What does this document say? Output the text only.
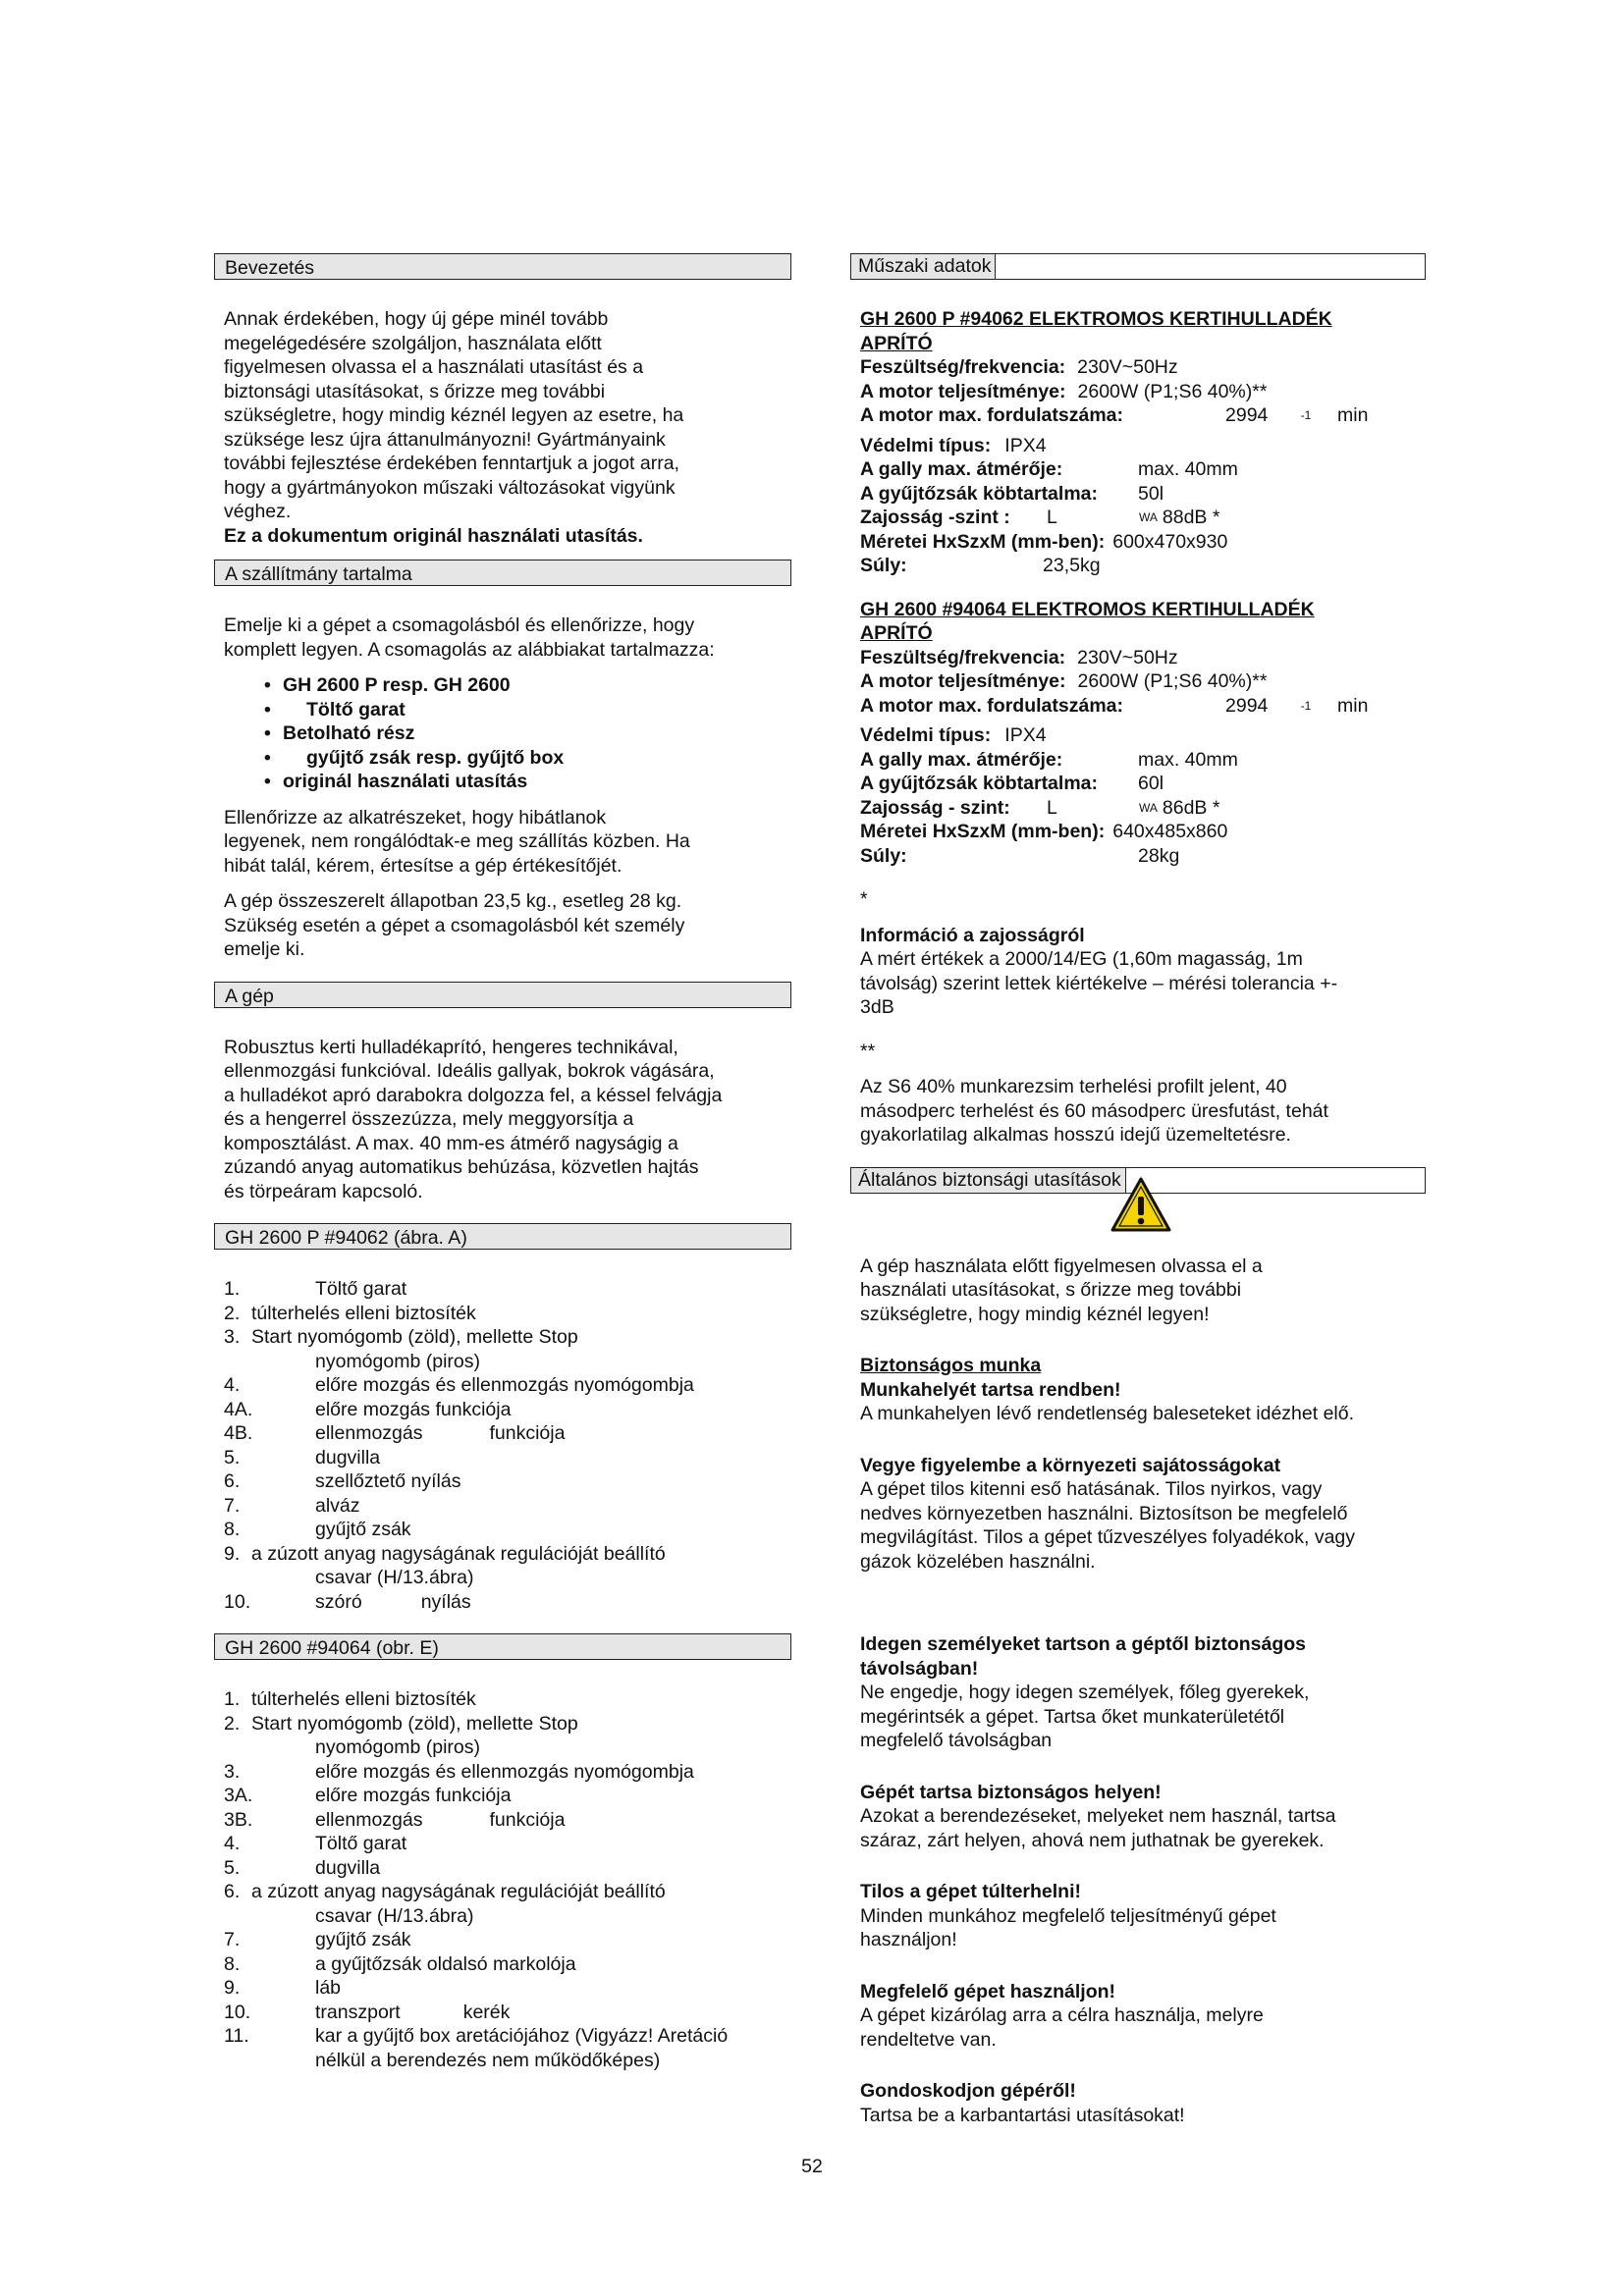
Bevezetés

Annak érdekében, hogy új gépe minél tovább

megelégedésére szolgáljon, használata előtt

figyelmesen olvassa el a használati utasítást és a

biztonsági utasításokat, s őrizze meg további

szükségletre, hogy mindig kéznél legyen az esetre, ha

szüksége lesz újra áttanulmányozni! Gyártmányaink

további fejlesztése érdekében fenntartjuk a jogot arra,

hogy a gyártmányokon műszaki változásokat vigyünk

véghez.

Ez a dokumentum originál használati utasítás.

A szállítmány tartalma

Emelje ki a gépet a csomagolásból és ellenőrizze, hogy

komplett legyen. A csomagolás az alábbiakat tartalmazza:

• GH 2600 P resp. GH 2600
• Töltő garat
• Betolható rész
• gyűjtő zsák resp. gyűjtő box
• originál használati utasítás

Ellenőrizze az alkatrészeket, hogy hibátlanok

legyenek, nem rongálódtak-e meg szállítás közben. Ha

hibát talál, kérem, értesítse a gép értékesítőjét.

A gép összeszerelt állapotban 23,5 kg., esetleg 28 kg.

Szükség esetén a gépet a csomagolásból két személy

emelje ki.

A gép

Robusztus kerti hulladékaprító, hengeres technikával,

ellenmozgási funkcióval. Ideális gallyak, bokrok vágására,

a hulladékot apró darabokra dolgozza fel, a késsel felvágja

és a hengerrel összezúzza, mely meggyorsítja a

komposztálást. A max. 40 mm-es átmérő nagyságig a

zúzandó anyag automatikus behúzása, közvetlen hajtás

és törpeáram kapcsoló.

GH 2600 P #94062 (ábra. A)
1.	Töltő garat
2. túlterhelés elleni biztosíték
3. Start nyomógomb (zöld), mellette Stop
nyomógomb (piros)
4.	előre mozgás és ellenmozgás nyomógombja
4A.	előre mozgás funkciója
4B.	ellenmozgás	funkciója
5.	dugvilla
6.	szellőztető nyílás
7.	alváz
8.	gyűjtő zsák
9. a zúzott anyag nagyságának regulációját beállító
csavar (H/13.ábra)
10.	szóró	nyílás
GH 2600 #94064 (obr. E)
1. túlterhelés elleni biztosíték
2. Start nyomógomb (zöld), mellette Stop
nyomógomb (piros)
3.	előre mozgás és ellenmozgás nyomógombja
3A.	előre mozgás funkciója
3B.	ellenmozgás	funkciója
4.	Töltő garat
5.	dugvilla
6. a zúzott anyag nagyságának regulációját beállító
csavar (H/13.ábra)
7.	gyűjtő zsák
8.	a gyűjtőzsák oldalsó markolója
9.	láb
10.	transzport	kerék
11.	kar a gyűjtő box aretációjához (Vigyázz! Aretáció
nélkül a berendezés nem működőképes)
Műszaki adatok

GH 2600 P #94062 ELEKTROMOS KERTIHULLADÉK

APRÍTÓ

Feszültség/frekvencia: 230V~50Hz
A motor teljesítménye: 2600W (P1;S6 40%)**
A motor max. fordulatszáma:	2994	$^{-1}$	min
Védelmi típus: IPX4
A gally max. átmérője:	max. 40mm
A gyűjtőzsák köbtartalma:	50l
Zajosság -szint :	L	WA 88dB *
Méretei HxSzxM (mm-ben): 600x470x930
Súly:	23,5kg

GH 2600 #94064 ELEKTROMOS KERTIHULLADÉK

APRÍTÓ

Feszültség/frekvencia: 230V~50Hz
A motor teljesítménye: 2600W (P1;S6 40%)**
A motor max. fordulatszáma:	2994	$^{-1}$	min
Védelmi típus: IPX4
A gally max. átmérője:	max. 40mm
A gyűjtőzsák köbtartalma:	60l
Zajosság - szint:	L	WA 86dB *
Méretei HxSzxM (mm-ben): 640x485x860
Súly:	28kg

*

Információ a zajosságról

A mért értékek a 2000/14/EG (1,60m magasság, 1m

távolság) szerint lettek kiértékelve – mérési tolerancia +-

3dB

**

Az S6 40% munkarezsim terhelési profilt jelent, 40

másodperc terhelést és 60 másodperc üresfutást, tehát

gyakorlatilag alkalmas hosszú idejű üzemeltetésre.

Általános biztonsági utasítások

A gép használata előtt figyelmesen olvassa el a

használati utasításokat, s őrizze meg további

szükségletre, hogy mindig kéznél legyen!

Biztonságos munka

Munkahelyét tartsa rendben!

A munkahelyen lévő rendetlenség baleseteket idézhet elő.

Vegye figyelembe a környezeti sajátosságokat

A gépet tilos kitenni eső hatásának. Tilos nyirkos, vagy

nedves környezetben használni. Biztosítson be megfelelő

megvilágítást. Tilos a gépet tűzveszélyes folyadékok, vagy

gázok közelében használni.

Idegen személyeket tartson a géptől biztonságos

távolságban!

Ne engedje, hogy idegen személyek, főleg gyerekek,

megérintsék a gépet. Tartsa őket munkaterületétől

megfelelő távolságban

Gépét tartsa biztonságos helyen!

Azokat a berendezéseket, melyeket nem használ, tartsa

száraz, zárt helyen, ahová nem juthatnak be gyerekek.

Tilos a gépet túlterhelni!

Minden munkához megfelelő teljesítményű gépet

használjon!

Megfelelő gépet használjon!

A gépet kizárólag arra a célra használja, melyre

rendeltetve van.

Gondoskodjon gépéről!

Tartsa be a karbantartási utasításokat!

52
